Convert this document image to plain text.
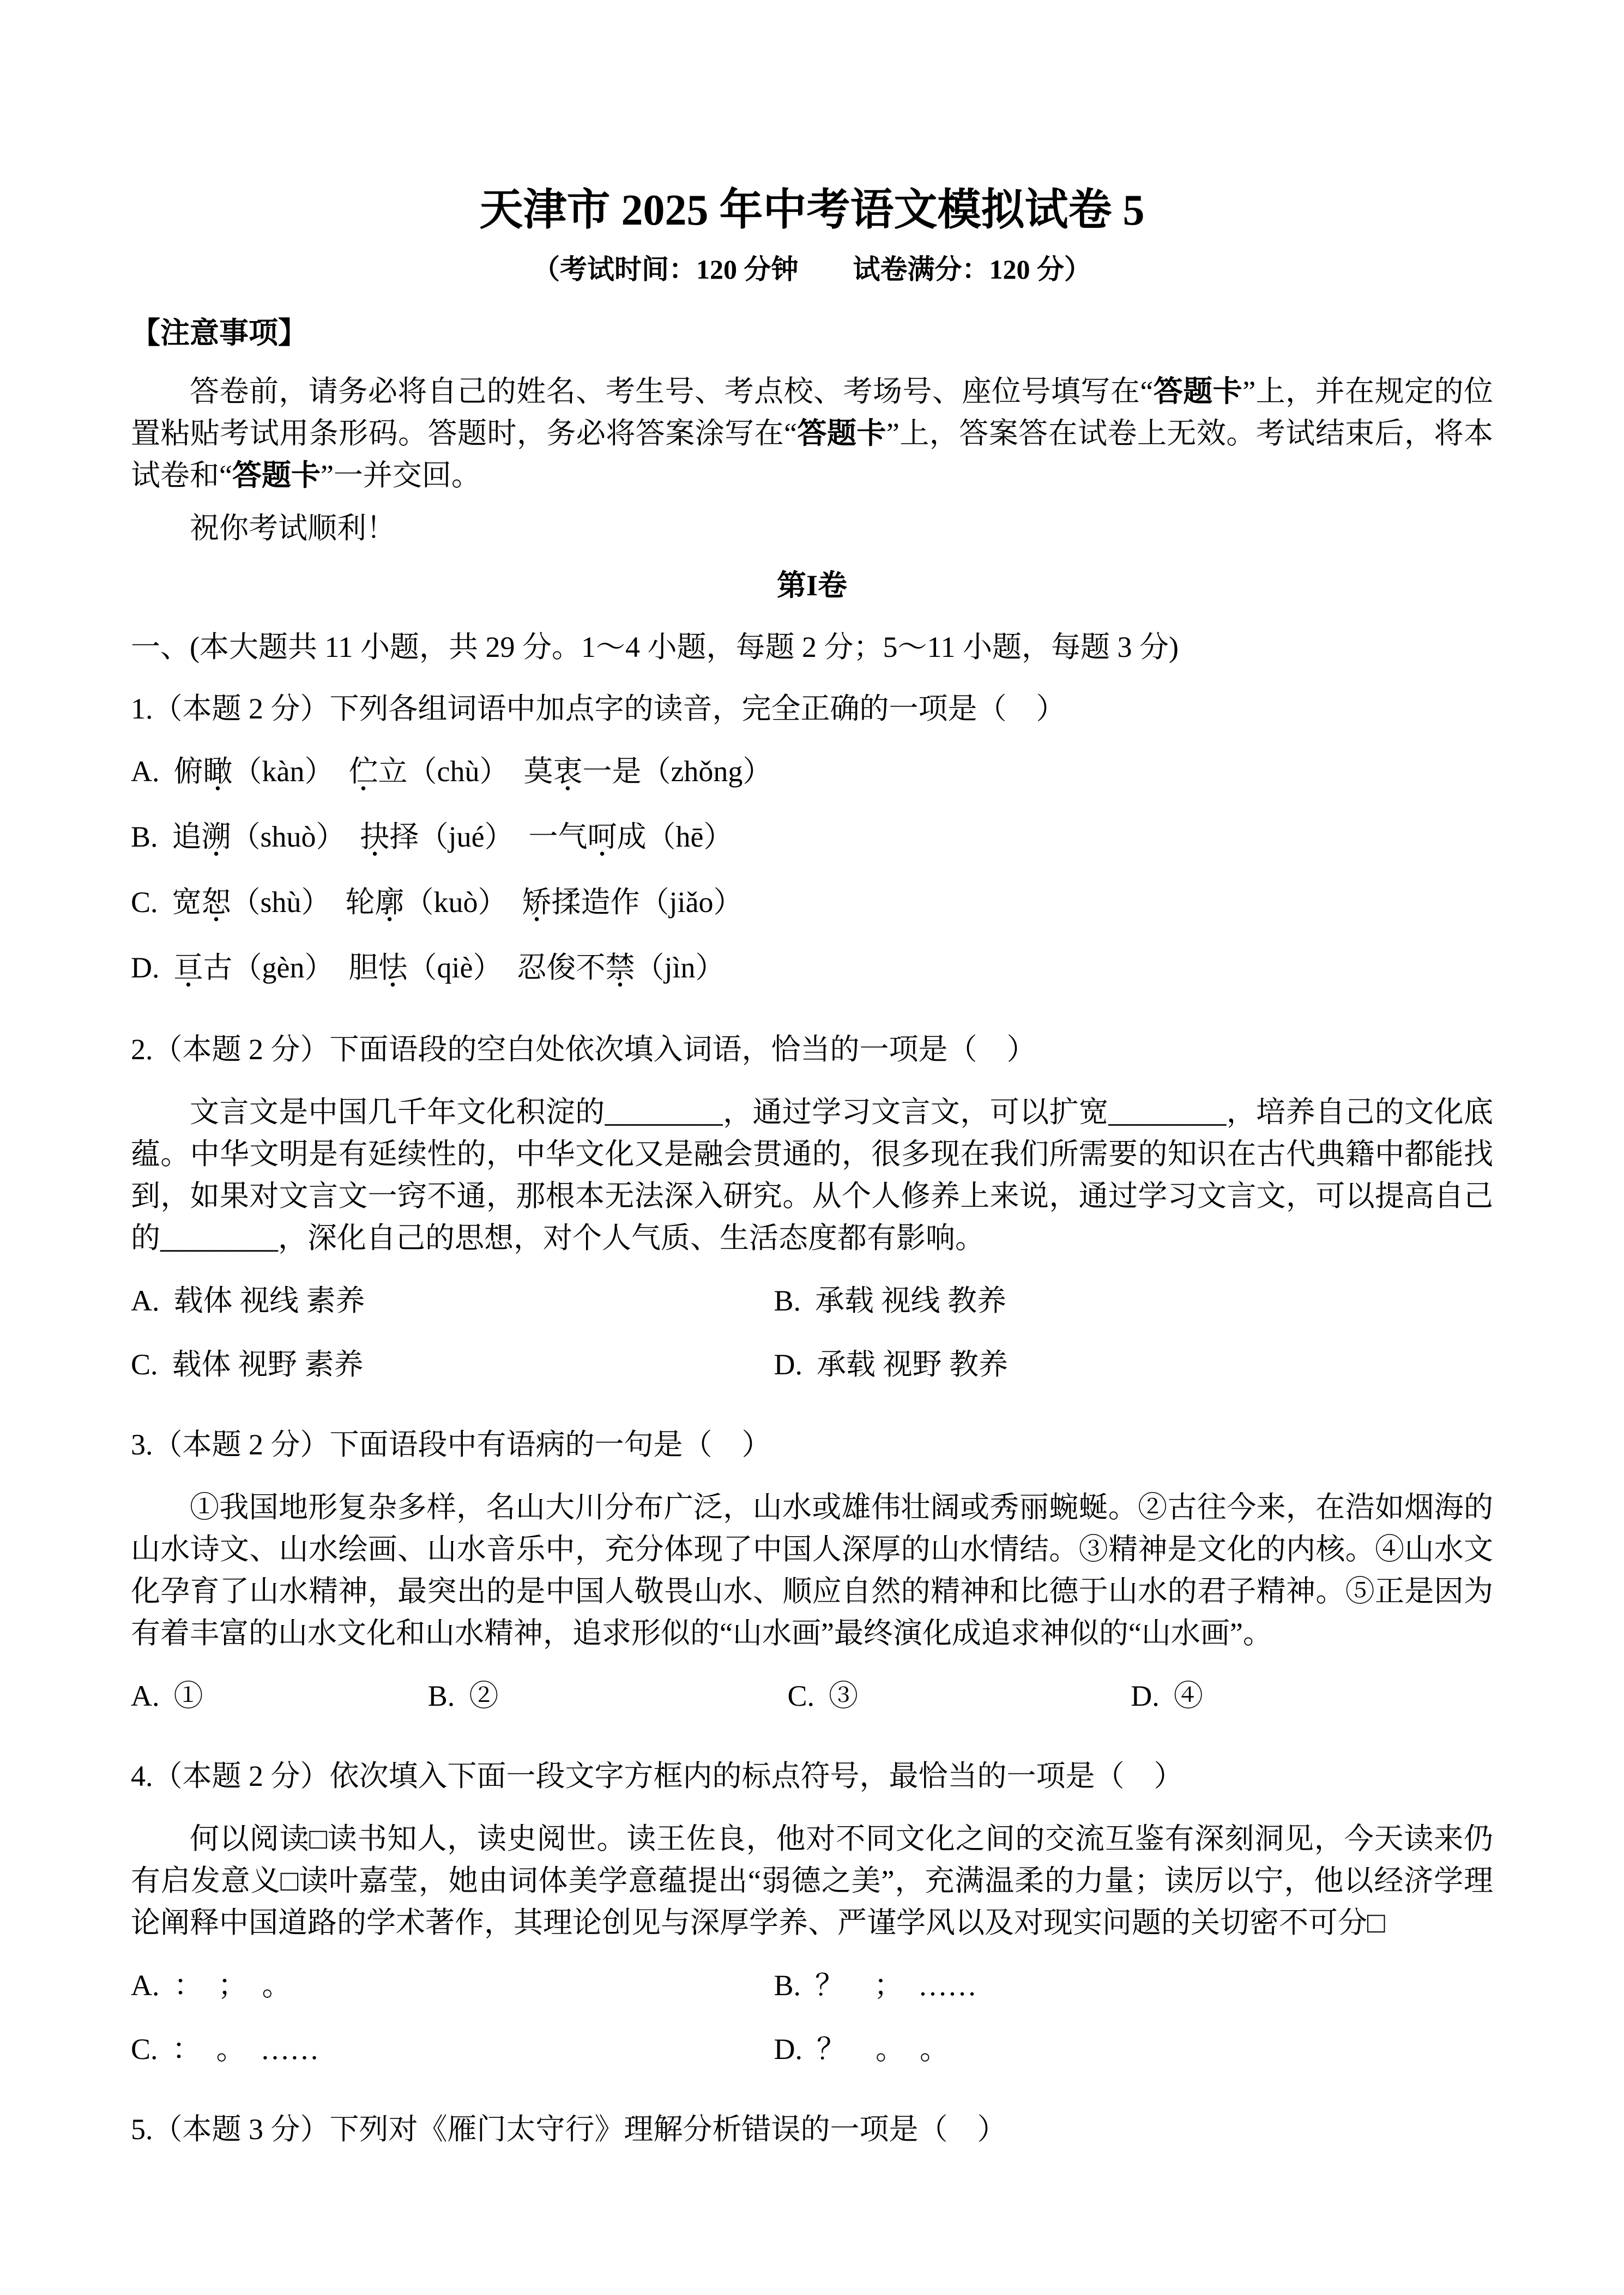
天津市 2025 年中考语文模拟试卷 5
（考试时间：120 分钟　　试卷满分：120 分）
【注意事项】

答卷前，请务必将自己的姓名、考生号、考点校、考场号、座位号填写在“答题卡”上，并在规定的位置粘贴考试用条形码。答题时，务必将答案涂写在“答题卡”上，答案答在试卷上无效。考试结束后，将本试卷和“答题卡”一并交回。

祝你考试顺利！

第I卷
一、(本大题共 11 小题，共 29 分。1～4 小题，每题 2 分；5～11 小题，每题 3 分)
1.（本题 2 分）下列各组词语中加点字的读音，完全正确的一项是（　）
A. 俯瞰 ●（kàn）　 伫 ●立（chù）　 莫衷 ●一是（zhǒng）
B. 追溯 ●（shuò）　 抉 ●择（jué）　 一气呵 ●成（hē）
C. 宽恕 ●（shù）　 轮廓 ●（kuò）　 矫 ●揉造作（jiǎo）
D. 亘 ●古（gèn）　 胆怯 ●（qiè）　 忍俊不禁 ●（jìn）
2.（本题 2 分）下面语段的空白处依次填入词语，恰当的一项是（　）

文言文是中国几千年文化积淀的________，通过学习文言文，可以扩宽________，培养自己的文化底蕴。中华文明是有延续性的，中华文化又是融会贯通的，很多现在我们所需要的知识在古代典籍中都能找到，如果对文言文一窍不通，那根本无法深入研究。从个人修养上来说，通过学习文言文，可以提高自己的________，深化自己的思想，对个人气质、生活态度都有影响。

A. 载体 视线 素养	B. 承载 视线 教养
C. 载体 视野 素养	D. 承载 视野 教养
3.（本题 2 分）下面语段中有语病的一句是（　）

①我国地形复杂多样，名山大川分布广泛，山水或雄伟壮阔或秀丽蜿蜒。②古往今来，在浩如烟海的山水诗文、山水绘画、山水音乐中，充分体现了中国人深厚的山水情结。③精神是文化的内核。④山水文化孕育了山水精神，最突出的是中国人敬畏山水、顺应自然的精神和比德于山水的君子精神。⑤正是因为有着丰富的山水文化和山水精神，追求形似的“山水画”最终演化成追求神似的“山水画”。

A. ①	B. ②	C. ③	D. ④
4.（本题 2 分）依次填入下面一段文字方框内的标点符号，最恰当的一项是（　）

何以阅读□读书知人，读史阅世。读王佐良，他对不同文化之间的交流互鉴有深刻洞见，今天读来仍有启发意义□读叶嘉莹，她由词体美学意蕴提出“弱德之美”，充满温柔的力量；读厉以宁，他以经济学理论阐释中国道路的学术著作，其理论创见与深厚学养、严谨学风以及对现实问题的关切密不可分□

A. ：　；　。	B. ？　；　……
C. ：　。　……	D. ？　。　。
5.（本题 3 分）下列对《雁门太守行》理解分析错误的一项是（　）
